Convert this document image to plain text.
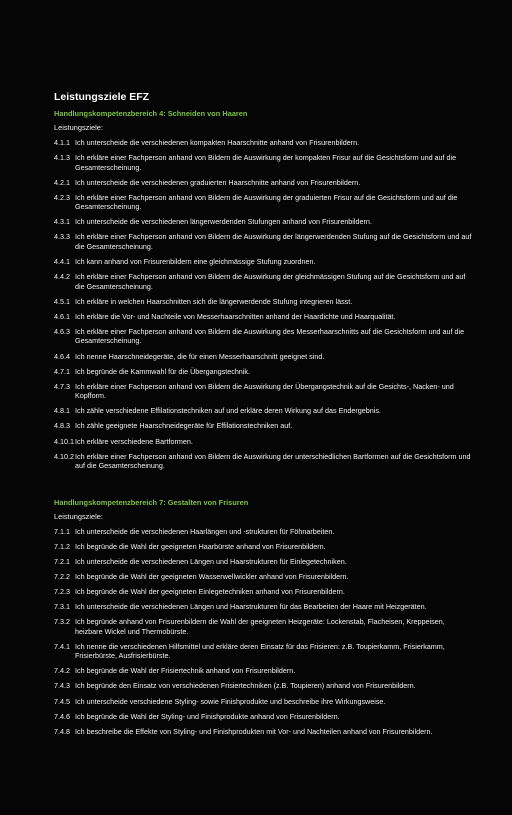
Leistungsziele EFZ
Handlungskompetenzbereich 4: Schneiden von Haaren
Leistungsziele:
4.1.1 Ich unterscheide die verschiedenen kompakten Haarschnitte anhand von Frisurenbildern.
4.1.3 Ich erkläre einer Fachperson anhand von Bildern die Auswirkung der kompakten Frisur auf die Gesichtsform und auf die Gesamterscheinung.
4.2.1 Ich unterscheide die verschiedenen graduierten Haarschnitte anhand von Frisurenbildern.
4.2.3 Ich erkläre einer Fachperson anhand von Bildern die Auswirkung der graduierten Frisur auf die Gesichtsform und auf die Gesamterscheinung.
4.3.1 Ich unterscheide die verschiedenen längerwerdenden Stufungen anhand von Frisurenbildern.
4.3.3 Ich erkläre einer Fachperson anhand von Bildern die Auswirkung der längerwerdenden Stufung auf die Gesichtsform und auf die Gesamterscheinung.
4.4.1 Ich kann anhand von Frisurenbildern eine gleichmässige Stufung zuordnen.
4.4.2 Ich erkläre einer Fachperson anhand von Bildern die Auswirkung der gleichmässigen Stufung auf die Gesichtsform und auf die Gesamterscheinung.
4.5.1 Ich erkläre in welchen Haarschnitten sich die längerwerdende Stufung integrieren lässt.
4.6.1 Ich erkläre die Vor- und Nachteile von Messerhaarschnitten anhand der Haardichte und Haarqualität.
4.6.3 Ich erkläre einer Fachperson anhand von Bildern die Auswirkung des Messerhaarschnitts auf die Gesichtsform und auf die Gesamterscheinung.
4.6.4 Ich nenne Haarschneidegeräte, die für einen Messerhaarschnitt geeignet sind.
4.7.1 Ich begründe die Kammwahl für die Übergangstechnik.
4.7.3 Ich erkläre einer Fachperson anhand von Bildern die Auswirkung der Übergangstechnik auf die Gesichts-, Nacken- und Kopfform.
4.8.1 Ich zähle verschiedene Effilationstechniken auf und erkläre deren Wirkung auf das Endergebnis.
4.8.3 Ich zähle geeignete Haarschneidegeräte für Effilationstechniken auf.
4.10.1 Ich erkläre verschiedene Bartformen.
4.10.2 Ich erkläre einer Fachperson anhand von Bildern die Auswirkung der unterschiedlichen Bartformen auf die Gesichtsform und auf die Gesamterscheinung.
Handlungskompetenzbereich 7: Gestalten von Frisuren
Leistungsziele:
7.1.1 Ich unterscheide die verschiedenen Haarlängen und -strukturen für Föhnarbeiten.
7.1.2 Ich begründe die Wahl der geeigneten Haarbürste anhand von Frisurenbildern.
7.2.1 Ich unterscheide die verschiedenen Längen und Haarstrukturen für Einlegetechniken.
7.2.2 Ich begründe die Wahl der geeigneten Wasserwellwickler anhand von Frisurenbildern.
7.2.3 Ich begründe die Wahl der geeigneten Einlegetechniken anhand von Frisurenbildern.
7.3.1 Ich unterscheide die verschiedenen Längen und Haarstrukturen für das Bearbeiten der Haare mit Heizgeräten.
7.3.2 Ich begründe anhand von Frisurenbildern die Wahl der geeigneten Heizgeräte: Lockenstab, Flacheisen, Kreppeisen, heizbare Wickel und Thermobürste.
7.4.1 Ich nenne die verschiedenen Hilfsmittel und erkläre deren Einsatz für das Frisieren: z.B. Toupierkamm, Frisierkamm, Frisierbürste, Ausfrisierbürste.
7.4.2 Ich begründe die Wahl der Frisiertechnik anhand von Frisurenbildern.
7.4.3 Ich begründe den Einsatz von verschiedenen Frisiertechniken (z.B. Toupieren) anhand von Frisurenbildern.
7.4.5 Ich unterscheide verschiedene Styling- sowie Finishprodukte und beschreibe ihre Wirkungsweise.
7.4.6 Ich begründe die Wahl der Styling- und Finishprodukte anhand von Frisurenbildern.
7.4.8 Ich beschreibe die Effekte von Styling- und Finishprodukten mit Vor- und Nachteilen anhand von Frisurenbildern.
